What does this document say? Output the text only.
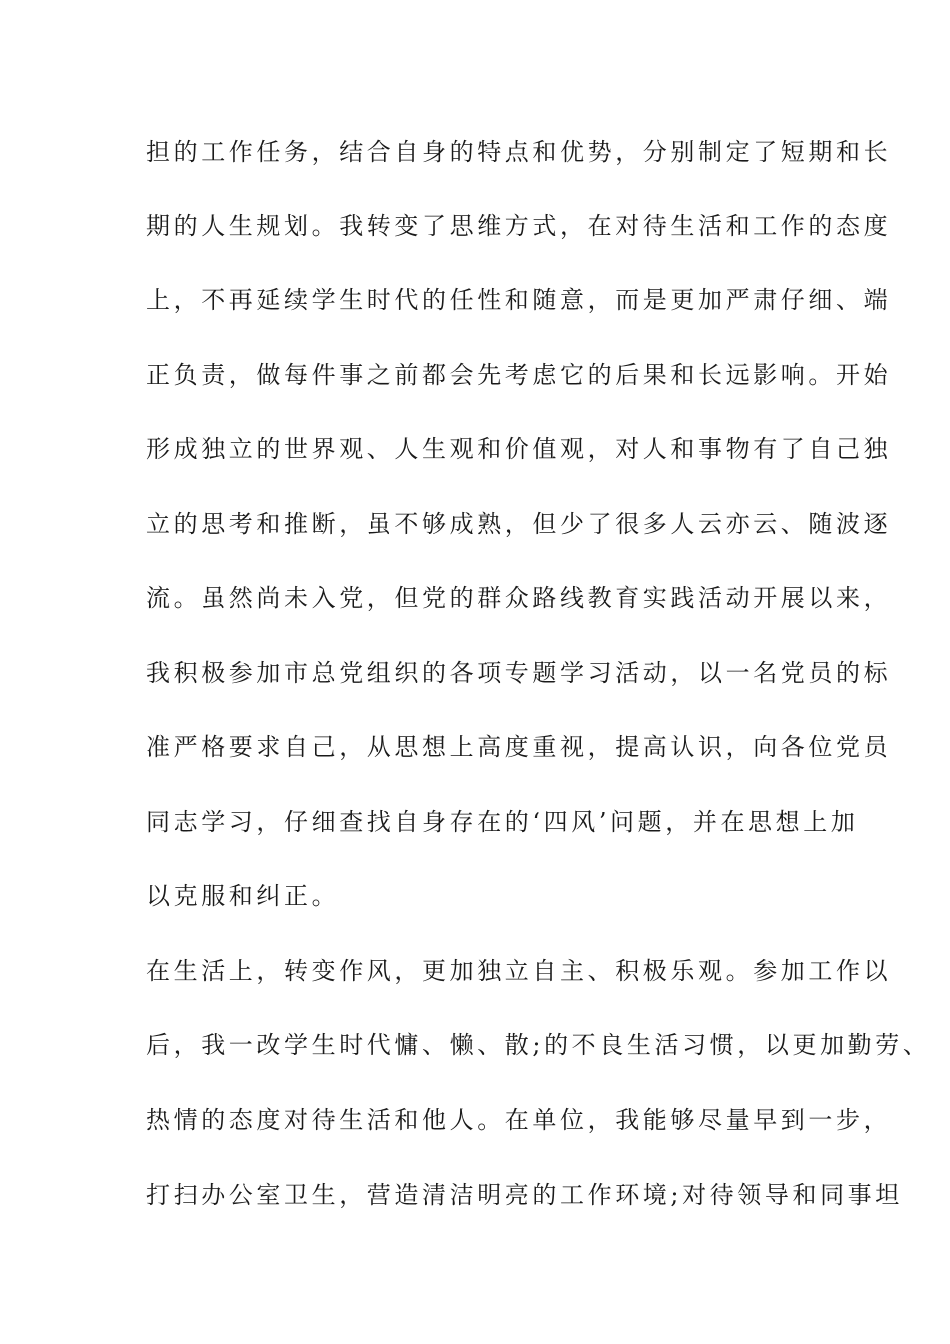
担的工作任务，结合自身的特点和优势，分别制定了短期和长
期的人生规划。我转变了思维方式，在对待生活和工作的态度
上，不再延续学生时代的任性和随意，而是更加严肃仔细、端
正负责，做每件事之前都会先考虑它的后果和长远影响。开始
形成独立的世界观、人生观和价值观，对人和事物有了自己独
立的思考和推断，虽不够成熟，但少了很多人云亦云、随波逐
流。虽然尚未入党，但党的群众路线教育实践活动开展以来，
我积极参加市总党组织的各项专题学习活动，以一名党员的标
准严格要求自己，从思想上高度重视，提高认识，向各位党员
同志学习，仔细查找自身存在的‘四风’问题，并在思想上加
以克服和纠正。
在生活上，转变作风，更加独立自主、积极乐观。参加工作以
后，我一改学生时代慵、懒、散;的不良生活习惯，以更加勤劳、
热情的态度对待生活和他人。在单位，我能够尽量早到一步，
打扫办公室卫生，营造清洁明亮的工作环境;对待领导和同事坦
